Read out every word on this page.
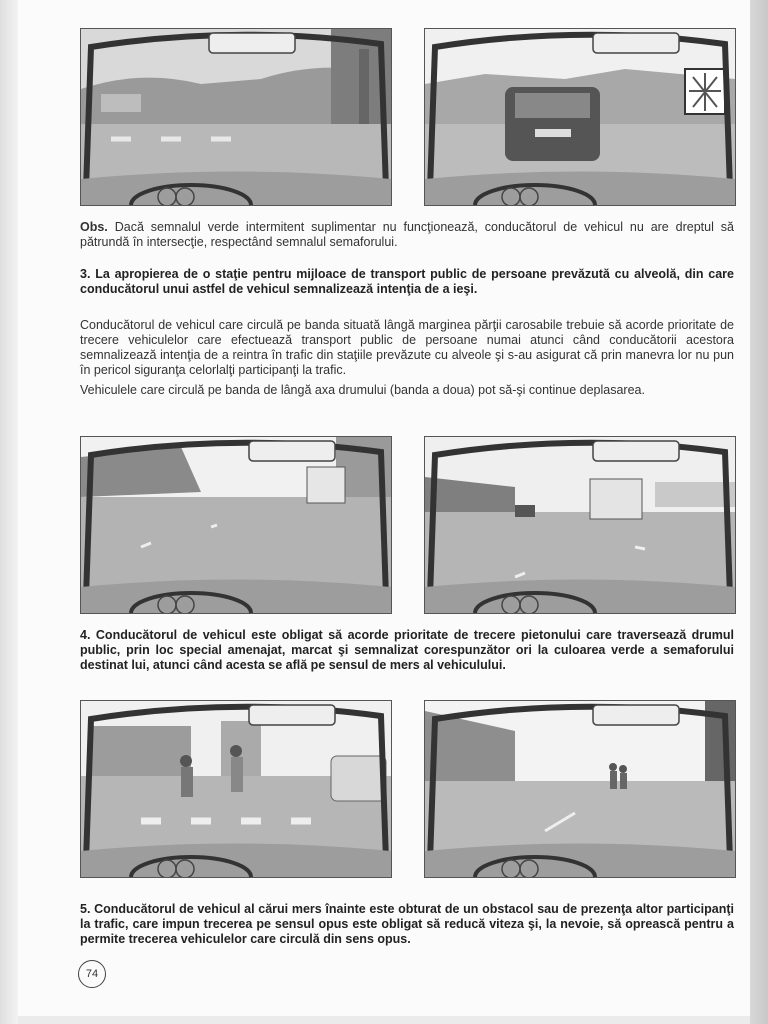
Obs. Dacă semnalul verde intermitent suplimentar nu funcţionează, conducătorul de vehicul nu are dreptul să pătrundă în intersecţie, respectând semnalul semaforului.
3. La apropierea de o staţie pentru mijloace de transport public de persoane prevăzută cu alveolă, din care conducătorul unui astfel de vehicul semnalizează intenţia de a ieşi.
Conducătorul de vehicul care circulă pe banda situată lângă marginea părţii carosabile trebuie să acorde prioritate de trecere vehiculelor care efectuează transport public de persoane numai atunci când conducătorii acestora semnalizează intenţia de a reintra în trafic din staţiile prevăzute cu alveole şi s-au asigurat că prin manevra lor nu pun în pericol siguranţa celorlalţi participanţi la trafic.
Vehiculele care circulă pe banda de lângă axa drumului (banda a doua) pot să-şi continue deplasarea.
4. Conducătorul de vehicul este obligat să acorde prioritate de trecere pietonului care traversează drumul public, prin loc special amenajat, marcat şi semnalizat corespunzător ori la culoarea verde a semaforului destinat lui, atunci când acesta se află pe sensul de mers al vehiculului.
5. Conducătorul de vehicul al cărui mers înainte este obturat de un obstacol sau de prezenţa altor participanţi la trafic, care impun trecerea pe sensul opus este obligat să reducă viteza şi, la nevoie, să oprească pentru a permite trecerea vehiculelor care circulă din sens opus.
74
